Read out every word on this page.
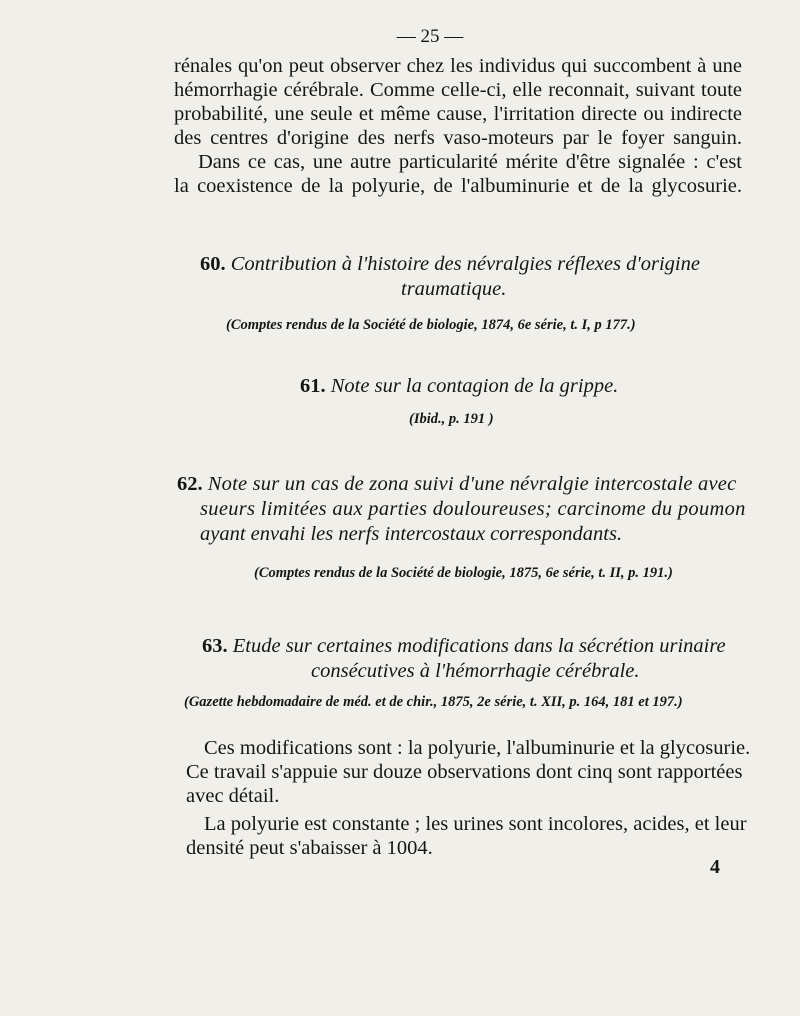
— 25 —
rénales qu'on peut observer chez les individus qui succombent à une
hémorrhagie cérébrale. Comme celle-ci, elle reconnait, suivant toute
probabilité, une seule et même cause, l'irritation directe ou indirecte
des centres d'origine des nerfs vaso-moteurs par le foyer sanguin.
Dans ce cas, une autre particularité mérite d'être signalée : c'est
la coexistence de la polyurie, de l'albuminurie et de la glycosurie.
60. Contribution à l'histoire des névralgies réflexes d'origine
traumatique.
(Comptes rendus de la Société de biologie, 1874, 6e série, t. I, p 177.)
61. Note sur la contagion de la grippe.
(Ibid., p. 191 )
62. Note sur un cas de zona suivi d'une névralgie intercostale avec
sueurs limitées aux parties douloureuses; carcinome du poumon
ayant envahi les nerfs intercostaux correspondants.
(Comptes rendus de la Société de biologie, 1875, 6e série, t. II, p. 191.)
63. Etude sur certaines modifications dans la sécrétion urinaire
consécutives à l'hémorrhagie cérébrale.
(Gazette hebdomadaire de méd. et de chir., 1875, 2e série, t. XII, p. 164, 181 et 197.)
Ces modifications sont : la polyurie, l'albuminurie et la glycosurie.
Ce travail s'appuie sur douze observations dont cinq sont rapportées
avec détail.
La polyurie est constante ; les urines sont incolores, acides, et leur
densité peut s'abaisser à 1004.
4
